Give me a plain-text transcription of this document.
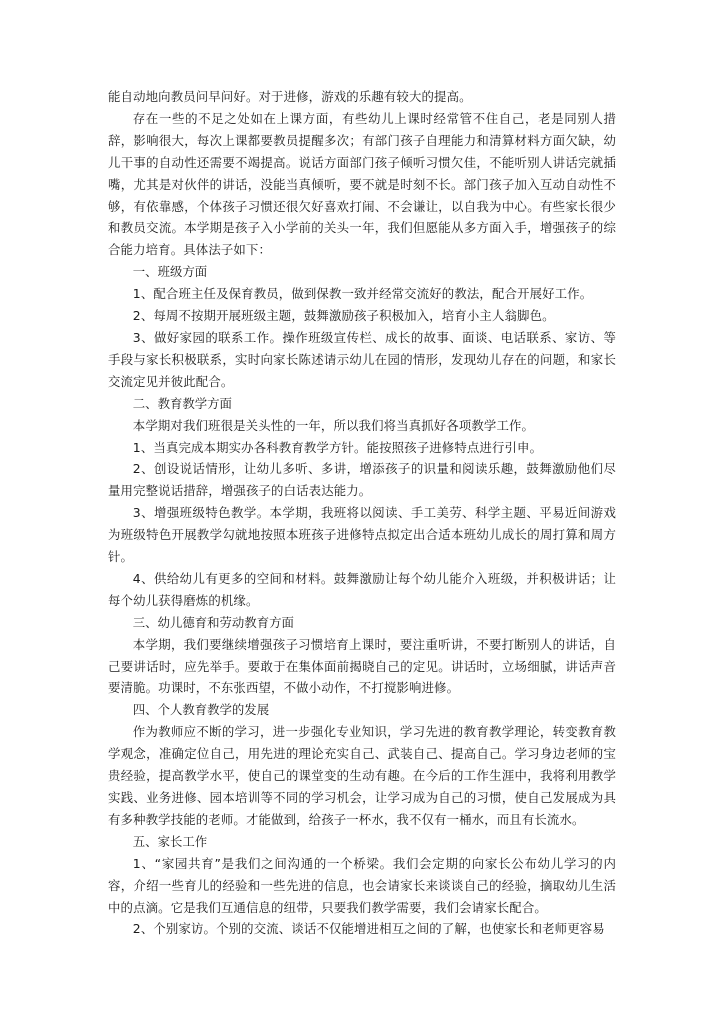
能自动地向教员问早问好。对于进修，游戏的乐趣有较大的提高。

存在一些的不足之处如在上课方面，有些幼儿上课时经常管不住自己，老是同别人措辞，影响很大，每次上课都要教员提醒多次；有部门孩子自理能力和清算材料方面欠缺，幼儿干事的自动性还需要不竭提高。说话方面部门孩子倾听习惯欠佳，不能听别人讲话完就插嘴，尤其是对伙伴的讲话，没能当真倾听，要不就是时刻不长。部门孩子加入互动自动性不够，有依靠感，个体孩子习惯还很欠好喜欢打闹、不会谦让，以自我为中心。有些家长很少和教员交流。本学期是孩子入小学前的关头一年，我们但愿能从多方面入手，增强孩子的综合能力培育。具体法子如下：

一、班级方面

1、配合班主任及保育教员，做到保教一致并经常交流好的教法，配合开展好工作。

2、每周不按期开展班级主题，鼓舞激励孩子积极加入，培育小主人翁脚色。

3、做好家园的联系工作。操作班级宣传栏、成长的故事、面谈、电话联系、家访、等手段与家长积极联系，实时向家长陈述请示幼儿在园的情形，发现幼儿存在的问题，和家长交流定见并彼此配合。

二、教育教学方面

本学期对我们班很是关头性的一年，所以我们将当真抓好各项教学工作。

1、当真完成本期实办各科教育教学方针。能按照孩子进修特点进行引申。

2、创设说话情形，让幼儿多听、多讲，增添孩子的识量和阅读乐趣，鼓舞激励他们尽量用完整说话措辞，增强孩子的白话表达能力。

3、增强班级特色教学。本学期，我班将以阅读、手工美劳、科学主题、平易近间游戏为班级特色开展教学勾就地按照本班孩子进修特点拟定出合适本班幼儿成长的周打算和周方针。

4、供给幼儿有更多的空间和材料。鼓舞激励让每个幼儿能介入班级，并积极讲话；让每个幼儿获得磨炼的机缘。

三、幼儿德育和劳动教育方面

本学期，我们要继续增强孩子习惯培育上课时，要注重听讲，不要打断别人的讲话，自己要讲话时，应先举手。要敢于在集体面前揭晓自己的定见。讲话时，立场细腻，讲话声音要清脆。功课时，不东张西望，不做小动作，不打搅影响进修。

四、个人教育教学的发展

作为教师应不断的学习，进一步强化专业知识，学习先进的教育教学理论，转变教育教学观念，准确定位自己，用先进的理论充实自己、武装自己、提高自己。学习身边老师的宝贵经验，提高教学水平，使自己的课堂变的生动有趣。在今后的工作生涯中，我将利用教学实践、业务进修、园本培训等不同的学习机会，让学习成为自己的习惯，使自己发展成为具有多种教学技能的老师。才能做到，给孩子一杯水，我不仅有一桶水，而且有长流水。

五、家长工作

1、“家园共育”是我们之间沟通的一个桥梁。我们会定期的向家长公布幼儿学习的内容，介绍一些育儿的经验和一些先进的信息，也会请家长来谈谈自己的经验，摘取幼儿生活中的点滴。它是我们互通信息的纽带，只要我们教学需要，我们会请家长配合。

2、个别家访。个别的交流、谈话不仅能增进相互之间的了解，也使家长和老师更容易
